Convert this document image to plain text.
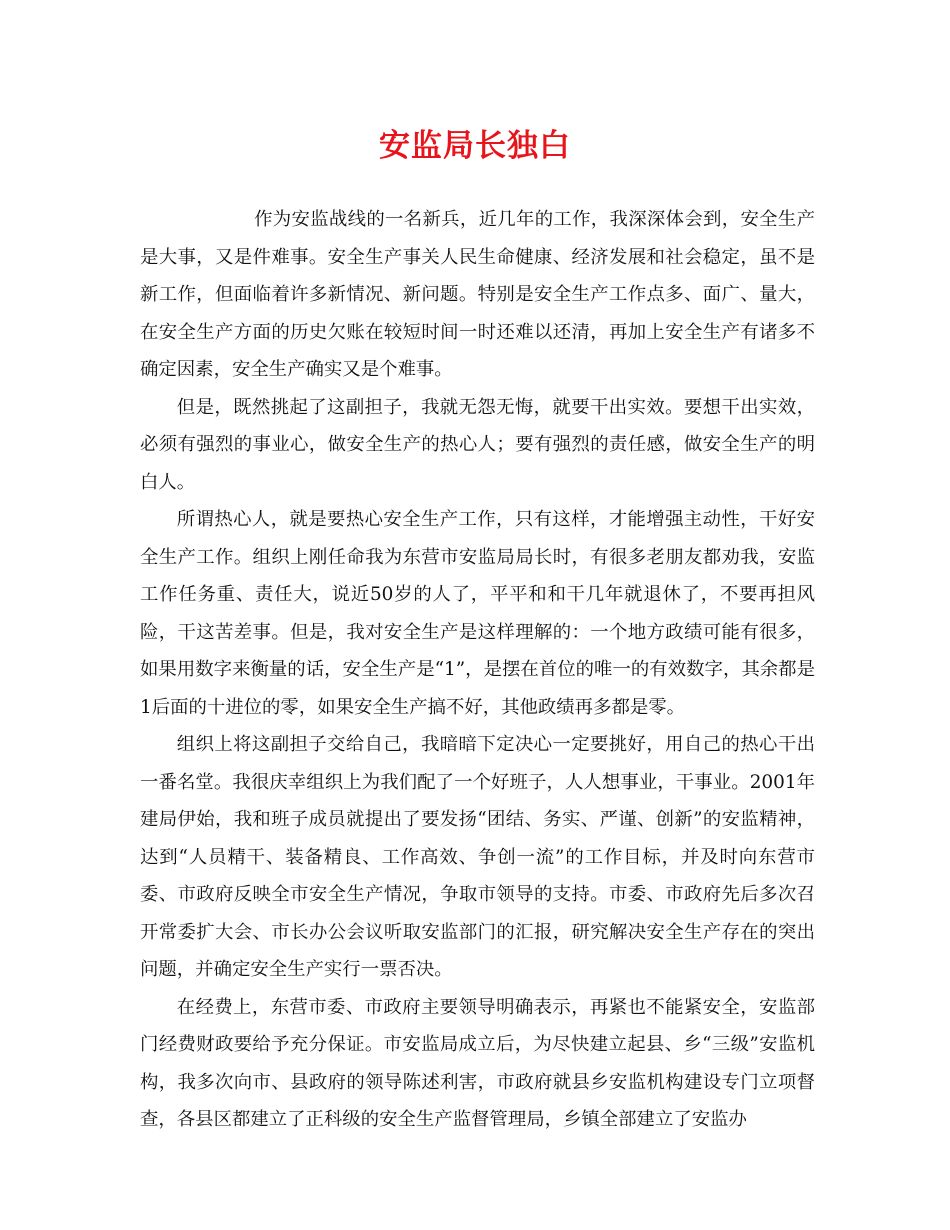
安监局长独白

作为安监战线的一名新兵，近几年的工作，我深深体会到，安全生产是大事，又是件难事。安全生产事关人民生命健康、经济发展和社会稳定，虽不是新工作，但面临着许多新情况、新问题。特别是安全生产工作点多、面广、量大，在安全生产方面的历史欠账在较短时间一时还难以还清，再加上安全生产有诸多不确定因素，安全生产确实又是个难事。

但是，既然挑起了这副担子，我就无怨无悔，就要干出实效。要想干出实效，必须有强烈的事业心，做安全生产的热心人；要有强烈的责任感，做安全生产的明白人。

所谓热心人，就是要热心安全生产工作，只有这样，才能增强主动性，干好安全生产工作。组织上刚任命我为东营市安监局局长时，有很多老朋友都劝我，安监工作任务重、责任大，说近50岁的人了，平平和和干几年就退休了，不要再担风险，干这苦差事。但是，我对安全生产是这样理解的：一个地方政绩可能有很多，如果用数字来衡量的话，安全生产是“1”，是摆在首位的唯一的有效数字，其余都是1后面的十进位的零，如果安全生产搞不好，其他政绩再多都是零。

组织上将这副担子交给自己，我暗暗下定决心一定要挑好，用自己的热心干出一番名堂。我很庆幸组织上为我们配了一个好班子，人人想事业，干事业。2001年建局伊始，我和班子成员就提出了要发扬“团结、务实、严谨、创新”的安监精神，达到“人员精干、装备精良、工作高效、争创一流”的工作目标，并及时向东营市委、市政府反映全市安全生产情况，争取市领导的支持。市委、市政府先后多次召开常委扩大会、市长办公会议听取安监部门的汇报，研究解决安全生产存在的突出问题，并确定安全生产实行一票否决。

在经费上，东营市委、市政府主要领导明确表示，再紧也不能紧安全，安监部门经费财政要给予充分保证。市安监局成立后，为尽快建立起县、乡“三级”安监机构，我多次向市、县政府的领导陈述利害，市政府就县乡安监机构建设专门立项督查，各县区都建立了正科级的安全生产监督管理局，乡镇全部建立了安监办
